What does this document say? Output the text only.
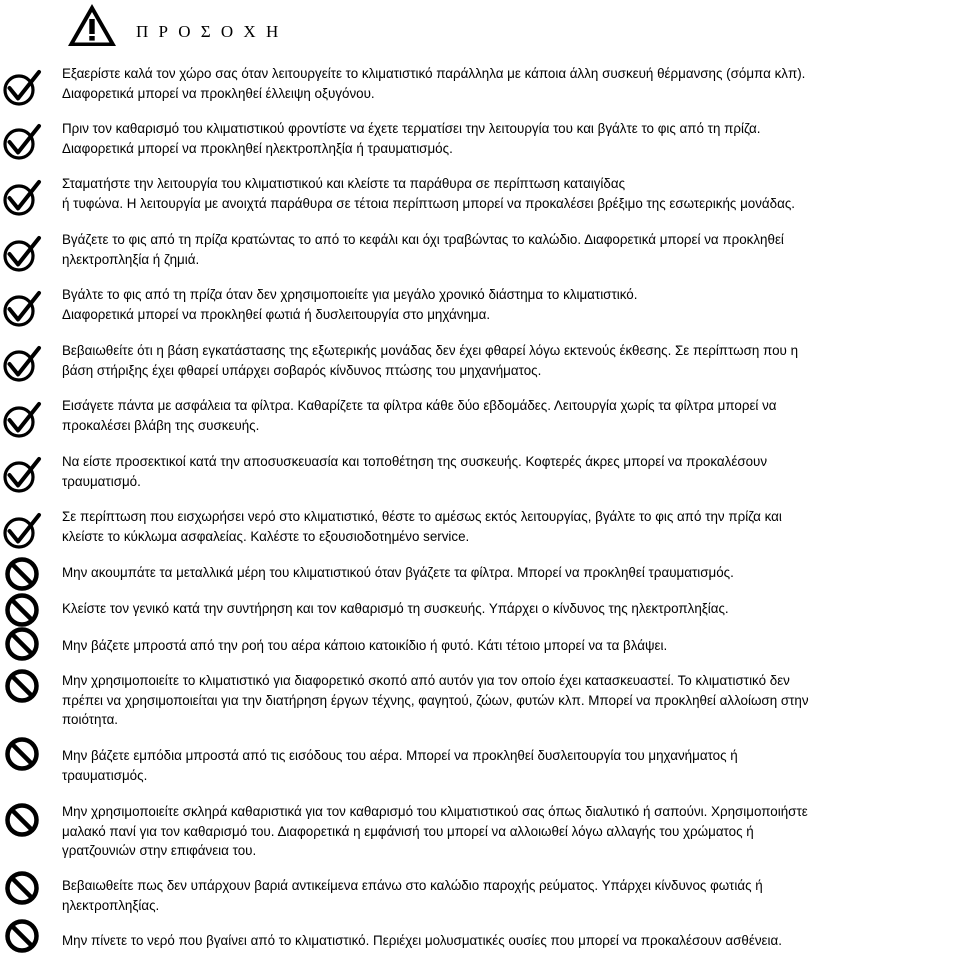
Π Ρ Ο Σ Ο Χ Η

Εξαερίστε καλά τον χώρο σας όταν λειτουργείτε το κλιματιστικό παράλληλα με κάποια άλλη συσκευή θέρμανσης (σόμπα κλπ).
Διαφορετικά μπορεί να προκληθεί έλλειψη οξυγόνου.

Πριν τον καθαρισμό του κλιματιστικού φροντίστε να έχετε τερματίσει την λειτουργία του και βγάλτε το φις από τη πρίζα.
Διαφορετικά μπορεί να προκληθεί ηλεκτροπληξία ή τραυματισμός.

Σταματήστε την λειτουργία του κλιματιστικού και κλείστε τα παράθυρα σε περίπτωση καταιγίδας
ή τυφώνα. Η λειτουργία με ανοιχτά παράθυρα σε τέτοια περίπτωση μπορεί να προκαλέσει βρέξιμο της εσωτερικής μονάδας.

Βγάζετε το φις από τη πρίζα κρατώντας το από το κεφάλι και όχι τραβώντας το καλώδιο. Διαφορετικά μπορεί να προκληθεί
ηλεκτροπληξία ή ζημιά.

Βγάλτε το φις από τη πρίζα όταν δεν χρησιμοποιείτε για μεγάλο χρονικό διάστημα το κλιματιστικό.
Διαφορετικά μπορεί να προκληθεί φωτιά ή δυσλειτουργία στο μηχάνημα.

Βεβαιωθείτε ότι η βάση εγκατάστασης της εξωτερικής μονάδας δεν έχει φθαρεί λόγω εκτενούς έκθεσης. Σε περίπτωση που η
βάση στήριξης έχει φθαρεί υπάρχει σοβαρός κίνδυνος πτώσης του μηχανήματος.

Εισάγετε πάντα με ασφάλεια τα φίλτρα. Καθαρίζετε τα φίλτρα κάθε δύο εβδομάδες. Λειτουργία χωρίς τα φίλτρα μπορεί να
προκαλέσει βλάβη της συσκευής.

Να είστε προσεκτικοί κατά την αποσυσκευασία και τοποθέτηση της συσκευής. Κοφτερές άκρες μπορεί να προκαλέσουν
τραυματισμό.

Σε περίπτωση που εισχωρήσει νερό στο κλιματιστικό, θέστε το αμέσως εκτός λειτουργίας, βγάλτε το φις από την πρίζα και
κλείστε το κύκλωμα ασφαλείας. Καλέστε το εξουσιοδοτημένο service.

Μην ακουμπάτε τα μεταλλικά μέρη του κλιματιστικού όταν βγάζετε τα φίλτρα. Μπορεί να προκληθεί τραυματισμός.

Κλείστε τον γενικό κατά την συντήρηση και τον καθαρισμό τη συσκευής. Υπάρχει ο κίνδυνος της ηλεκτροπληξίας.

Μην βάζετε μπροστά από την ροή του αέρα κάποιο κατοικίδιο ή φυτό. Κάτι τέτοιο μπορεί να τα βλάψει.

Μην χρησιμοποιείτε το κλιματιστικό για διαφορετικό σκοπό από αυτόν για τον οποίο έχει κατασκευαστεί. Το κλιματιστικό δεν
πρέπει να χρησιμοποιείται για την διατήρηση έργων τέχνης, φαγητού, ζώων, φυτών κλπ. Μπορεί να προκληθεί αλλοίωση στην
ποιότητα.

Μην βάζετε εμπόδια μπροστά από τις εισόδους του αέρα. Μπορεί να προκληθεί δυσλειτουργία του μηχανήματος ή
τραυματισμός.

Μην χρησιμοποιείτε σκληρά καθαριστικά για τον καθαρισμό του κλιματιστικού σας όπως διαλυτικό ή σαπούνι. Χρησιμοποιήστε
μαλακό πανί για τον καθαρισμό του. Διαφορετικά η εμφάνισή του μπορεί να αλλοιωθεί λόγω αλλαγής του χρώματος ή
γρατζουνιών στην επιφάνεια του.

Βεβαιωθείτε πως δεν υπάρχουν βαριά αντικείμενα επάνω στο καλώδιο παροχής ρεύματος. Υπάρχει κίνδυνος φωτιάς ή
ηλεκτροπληξίας.

Μην πίνετε το νερό που βγαίνει από το κλιματιστικό. Περιέχει μολυσματικές ουσίες που μπορεί να προκαλέσουν ασθένεια.
